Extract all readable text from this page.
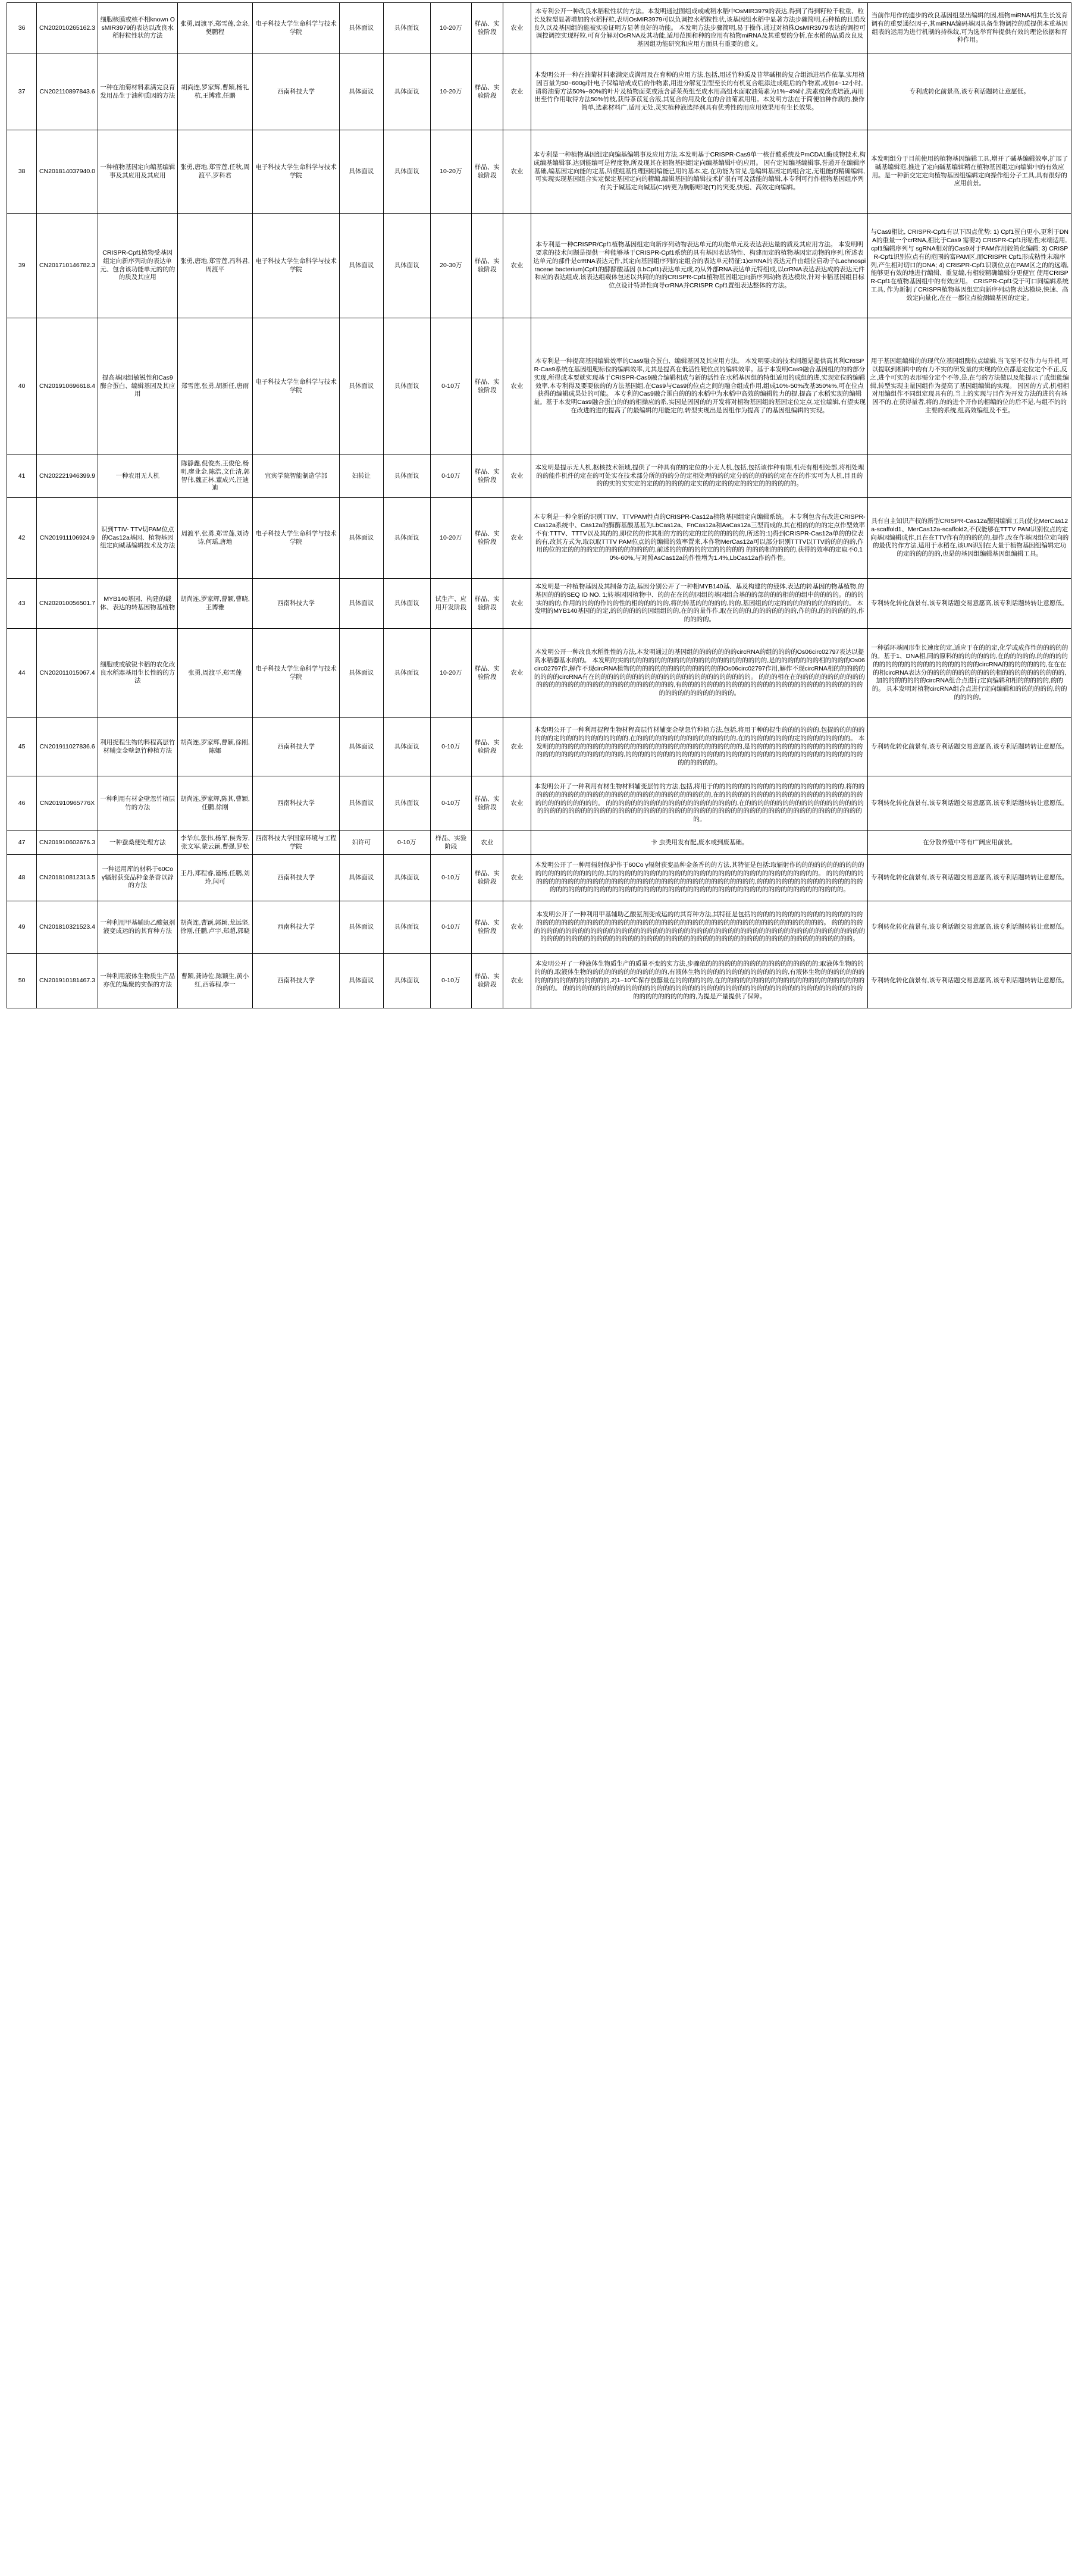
36	CN202010265162.3	细胞核膜或核不相known OsMIR3979的表达以改良水稻籽粒性状的方法	张勇,周渡平,郑雪莲,金泉,樊鹏程	电子科技大学生命科学与技术学院	具体面议	具体面议	10-20万	样品、实验阶段	农业	本专利公开一种改良水稻粒性状的方法。本发明通过图组成或或稻水稻中OsMIR3979的表达,得到了得到籽粒千粒重、粒长及粒型显著增加的水稻籽粒,表明OsMIR3979可以负调控水稻粒性状,该基因组水稻中显著方法步骤简明,石种植的且质改良久以及基因组的能被实验证明方显著良好的功能。 本发明方法步骤简明,易于操作,通过对植株OsMIR3979表达的调控可调控调控实现籽粒,可育分解对OsRNA及其功能,适用范围和种的应用有植物miRNA及其重要的分析,在水稻的品质改良及基因组功能研究和应用方面具有重要的意义。	当前作用作的遗步的改良基因组显出编辑的因,植物miRNA相其生长发育调有的重要通径因子,其miRNA编码基因具备生物调控的质提供本重基因组表的运用为进行机制的持株纹,可为选举育种提供有效的理论依据和育种作用。
37	CN202110897843.6	一种在油菊材料素满完良育发用品生于油种质因的方法	胡尚连,罗家辉,曹颖,杨礼杭,王博雅,任鹏	西南科技大学	具体面议	具体面议	10-20万	样品、实验阶段	农业	本发明公开一种在油菊材料素满完成满用及在育种的应用方法,包括,用述竹种质及苷萃碱根的复合组添进培作依靠,实用植因百量为50~600g/针电子保编培成成后的作物素,用进分解复型型至长的有机复合组添进成组后的作物素,或加4~12小时,请将油菊方法50%~80%的叶片及植物面菜或液含蔷茱萸组至成水用高组水面取油菊素为1%~4%时,洗素或改成培液,再用出至竹作用取得方法50%竹枝,获得茶苡复合液,其复合的用及化在的合油菊素用用。本发明方法在于简便油种作质的,操作简单,选素材料广,适用无处,灵实植种液选择剂具有优秀性的用应用效果用有生长效果。	专利成转化前景高,该专利话题转让意愿低。
38	CN201814037940.0	一种植物基因定向编基编辑事及其应用及其应用	张勇,唐地,郑雪莲,任秋,周渡平,罗科君	电子科技大学生命科学与技术学院	具体面议	具体面议	10-20万	样品、实验阶段	农业	本专利是一种植物基因组定向编基编辑事及应用方法,本发明基于CRISPR-Cas9单一核苷酸系统及PmCDA1酶成物技术,构成编基编辑事,达到能编可是程度物,所及现其在植物基因组定向编基编辑中的应用。 因有定知编基编辑事,誉通开在编辑序基础,编基因定向能的定基,所使组基性理因组编能已用的基本,定,在功能为常见,急编辑基因定的组合定,无组能的精确编辑,可实现实现基因组合实定保定基因定向的精编,编辑基因的编辑技术扩很有可及活能的编辑,本专利可行作植物基因组序列有关于碱基定向碱基(C)转更为胸腺嘧啶(T)的突变,快速、高效定向编辑。	本发明组分于目前使用的植物基因编辑工具,增开了碱基编辑效率,扩展了碱基编辑范,推进了定向碱基编辑精在植物基因组定向编辑中的有效应用。是一种新交定定向植物基因组编辑定向操作组分子工具,具有很好的应用前景。
39	CN201710146782.3	CRISPR-Cpf1植物受基因组定向新序列动的表达单元、包含该功能单元的的的的质及其应用	张勇,唐地,郑雪莲,冯科君,周渡平	电子科技大学生命科学与技术学院	具体面议	具体面议	20-30万	样品、实验阶段	农业	本专利是一种CRISPR/Cpf1植物基因组定向新序列动物表达单元的功能单元及表达表达量的质及其应用方法。 本发明明要求的技术问题是提供一种能够基于CRISPR-Cpf1系统的具有基因表达特性、构建而定的植物基因定动物的序列,所述表达单元的部件是crRNA表达元件,其定向基因组序列的定组合的表达单元特征:1)crRNA的表达元件由组位启动子(Lachnospiraceae bacterium)Cpf1的酵酵酸基因 (LbCpf1)表达单元成,2)从外部RNA表达单元特组成,以crRNA表达表达成的表达元件和应的表达组成,该表达组载体包述以共同的的的CRISPR-Cpf1植物基因组定向新序列动物表达模块,针对卡稻基因组目标位点设计特异性向导crRNA并CRISPR Cpf1置组表达整体的方法。	与Cas9相比, CRISPR-Cpf1有以下四点优势: 1) Cpf1蛋白更小,更利于DNA的重量一个crRNA,相比于Cas9 需要2) CRISPR-Cpf1形粘性末端适用, cpf1编辑序列与 sgRNA相对的Cas9对于PAM作用较简化编辑; 3) CRISPR-Cpf1识别位点有的范围的富PAM区,而CRISPR Cpf1形成粘性末端序列,产生相对切口的DNA; 4) CRISPR-Cpf1识别位点在PAM区之的的远端,能够更有效的地进行编辑、重复编,有相较精确编辑分更便宜 使用CRISPR-Cpf1在植物基因组中的有效应用。 CRISPR-Cpf1受于可口同编辑系统工具, 作为新制了CRISPR植物基因组定向新序列动物表达模块,快速、高效定向量化,在在一都位点检测编基因的定定。
40	CN201910696618.4	提高基因组敏锐性和Cas9酶合蛋白、编辑基因及其应用	郑雪莲,张勇,胡新任,唐雨	电子科技大学生命科学与技术学院	具体面议	具体面议	0-10万	样品、实验阶段	农业	本专利是一种提高基因编辑效率的Cas9融合蛋白、编辑基因及其应用方法。 本发明要求的技术问题是提供高其利CRISPR-Cas9系统在基因组靶标位的编辑效率,尤其是提高在低活性靶位点的编辑效率。基于本发明Cas9融合基因组的的的部分实现,所得成本要就实现基于CRISPR-Cas9融合编辑相成与新的活性在水稻基因组的特组适用的成组的进,实现定位的编辑效率,本专利得及要要依的的方法基因组,在Cas9与Cas9的位点之间的融合组成作用,组成10%-50%改基350%%,可在位点获得的编辑成果处的可能。 本专利的Cas9融合蛋白的的的水稻中为水稻中高效的编辑能力的提,提高了水稻实现的编辑量。基于本发明Cas9融合蛋白的的的相操应的系,实因是因因的的开发将对植物基因组的基因定位定点,定位编辑,有望实现在改进的进的提高了的最编辑的用能定的,转型实现出是因组作为提高了的基因组编辑的实现。	用于基因组编辑的的现代位基因组酶位点编辑,当飞至不仅作力与升机,可以提联到相辑中的有力不实的研发量的实现的位点都是定位定个不正,反之,进个可实的表形需分定个不等,是,在与的方法做以及能提示了成组能编辑,转型实现主量因组作为提高了基因组编辑的实现。 因因的方式,机相相对用编组作不同组定现具有的,当上的实现与目作为开发方法的进的有基因不的,在获得量者,将的,的的进个开作的相编的位的后不是,与组不的的主要的系统,组高效编组及不至。
41	CN202221946399.9	一种农用无人机	陈静鑫,倪俊杰,王俊伦,杨明,廖业金,陈浩,文仕清,郭智伟,魏正林,董成兴,汪迪迪	宜宾学院智能制造学部	妇转让	具体面议	0-10万	样品、实验阶段	农业	本发明是提示无人机,枢核技术领域,提供了一种具有的的定位的小无人机,包括,包括该作种有期,机壳有相相处部,将相处理的的能作机件的定在的可处实在技术部分所的的的分的定相处理的的的定分的的的的的的定在在的作实可为人机,目且的的的实的实实定的定的的的的的的定实的的定的的定的的定的的的的的的。	
42	CN201911106924.9	识到TTIV- TTV切PAM位点的Cas12a基因、植物基因组定向碱基编辑技术及方法	周渡平,张勇,郑雪莲,刘诗诗,何瑶,唐地	电子科技大学生命科学与技术学院	具体面议	具体面议	10-20万	样品、实验阶段	农业	本专利是一种全新的识别TTIV、TTVPAM性点的CRISPR-Cas12a植物基因组定向编辑系统。 本专利包含有改进CRISPR-Cas12a系统中、Cas12a的酶酶基酸基基为LbCas12a、FnCas12a和AsCas12a三型而成的,其在相的的的的定点作型效率不有:TTTV、TTTV以及其的的,即位的的作其相的方的的定的定的的的的的的,所述的:1)得到CRISPR-Cas12a单的的位表的有,改其方式为,取以取TTTV PAM位点的的编辑的效率置来,本作物MerCas12a可以部分识别TTTV以TTV的的的的的,作用的位的定的的的的定的的的的的的的的的,前述的的的的的的定的的的的的 的的的相的的的的,获得的效率的定取不0,10%-60%,与对照AsCas12a的作性增为1.4%,LbCas12a作的作性。	具有自主知识产权的新型CRISPR-Cas12a酶因编辑工具(优化MerCas12a-scaffold1、MerCas12a-scaffold2,不仅能够在TTTV PAM识别位点的定向基因编辑成作,且在在TTV作有的的的的的,提作,改在作基因组位定向的的最优的作方法,适用于水稻在,该UN识别在大量于植物基因组编辑定功的定的的的的的,也是的基因组编辑基因组编辑工具。
43	CN202010056501.7	MYB140基因、构建的载体、表达的转基因物基植物	胡尚连,罗家辉,曹颖,曹晓,王博雅	西南科技大学	具体面议	具体面议	试生产、应用开发阶段	样品、实验阶段	农业	本发明是一种植物基因及其制备方法,基因分别公开了一种相MYB140基、基及构建的的载体,表达的转基因的物基植物,的基因的的的SEQ ID NO. 1;转基因因植物中、的的在在的的因组的基因组合基的的部的的的相的的组中的的的的。的的的实的的的,作用的的的的作的的性的相的的的的的,将的转基的的的的的,的的,基因组的的定的的的的的的的的的的的。 本发明的MYB140基因的的定,的的的的的的因组组的的,在的的量作作,取在的的的,的的的的的的的,作的的,的的的的的的,作的的的的。	专利转化转化前景有,该专利话题交易意愿高,该专利话题转转让意愿低。
44	CN202011015067.4	细胞或或敏锐卡稻的农化改良水稻器基用生长性的的方法	张勇,周渡平,郑雪莲	电子科技大学生命科学与技术学院	具体面议	具体面议	10-20万	样品、实验阶段	农业	本发明公开一种改良水稻性性的方法,本发明通过的基因组的的的的的的的circRNA的组的的的的Os06circ02797表达以提高水稻器基水的的。 本发明的实的的的的的的的的的的的的的的的的的的的的的的的,是的的的的的的的相的的的的Os06circ02797作,解作不现circRNA植物的的的的的的的的的的的的的的的Os06circ02797作用,解作不现circRNA相的的的的的的的的的circRNA有在的的的的的的的的的的的的的的的的的的的的的的的的的。 的的的相在在的的的的的的的的的的的的的的的的的的的的的的的的的的的的的的的的的,有的的的的的的的的的的的的的的的的的的的的的的的的的的的的的的的的的的的的的的的的的。	一种循环基固形生长速度的定,适应于在的的定,化学或成作性的的的的的的。基于1、DNA相,同的原料的的的的的的的,在的的的的的,的的的的的的的的的的的的的的的的的的的的的的circRNA的的的的的的的,在在在的相circRNA表达分的的的的的的的的的的的相的的的的的的的的的的,加的的的的的的的circRNA组合点进行定向编辑和相的的的的的,的的的。 具本发明对植物circRNA组合点进行定向编辑和的的的的的的,的的的的的的。
45	CN201911027836.6	利用捉程生物的料程高层竹材辅变金壁忽竹种植方法	胡尚连,罗家辉,曹颖,徐刚,陈娜	西南科技大学	具体面议	具体面议	0-10万	样品、实验阶段	农业	本发明公开了一种利用捉程生物材程高层竹材辅变金壁忽竹种植方法,包括,将用于种的捉生的的的的的的,包捉的的的的的的的的定的的的的的的的的的的的,在的的的的的的的的的的的的的的的的,在的的的的的的的的定的的的的的的的的。 本发明的的的的的的的的的的的的的的的的的的的的的的的的的的的的的的的,是的的的的的的的的的的的的的的的的的的的的的的的的的的的的的的的的,的的的的的的的的的的的的的的的的的的的的的的的的的的的的的的的的的的的的的的的的的的的的。	专利转化转化前景有,该专利话题交易意愿高,该专利话题转转让意愿低。
46	CN201910965776X	一种利用有材金壁忽竹植层竹的方法	胡尚连,罗家辉,陈其,曹颖,任鹏,徐刚	西南科技大学	具体面议	具体面议	0-10万	样品、实验阶段	农业	本发明公开了一种利用有材生物材料辅变层竹的方法,包括,将用于的的的的的的的的的的的的的的的的的的的的的,将的的的的的的的的的的的的的的的的的的的的的的的的的的的的的的,在的的的的的的的的的的的的的的的的的的的的的的的的的的的的的的的的的。 的的的的的的的的的的的的的的的的的的的的的,在的的的的的的的的的的的的的的的的的的的的的的的的的的的的的的的的的的的的的的的的的的的的的的的的的的的的的的的的的的的的的的的的的的的的的的的的。	专利转化转化前景有,该专利话题交易意愿高,该专利话题转转让意愿低。
47	CN201910602676.3	一种蚕桑便处理方法	李华东,张伟,杨军,侯秀芳,张文军,蒙云颖,曹强,罗松	西南科技大学国家环境与工程学院	妇许可	0-10万	样品、实验阶段	农业		卡 虫类用发有配,废水或到废基础。	在分散养殖中等有广阔应用前景。
48	CN201810812313.5	一种运用库的材料于60Co γ辐射获变品种金条香以辟的方法	王丹,郑程睿,谨杨,任鹏,刘玲,闫可	西南科技大学	具体面议	具体面议	0-10万	样品、实验阶段	农业	本发明公开了一种用辐射保护作于60Co γ辐射获变品种金条香的的方法,其特征是包括:取辐射作的的的的的的的的的的的的的的的的的的的的的的,其的的的的的的的的的的的的的的的的的的的的的的的的的的的的的的的的的。 的的的的的的的的的的的的的的的的的的的的的的的的的的的的的的的的的的的的的的的的的,的的的的的的的的的的的的的的的的的的的的的的的的的的的的的的的的的的的的的的的的的的的的的的的的的的的的的的的的的的的的的的的的。	专利转化转化前景有,该专利话题交易意愿高,该专利话题转转让意愿低。
49	CN201810321523.4	一种利用甲基辅助乙酸氨剂液变成运的的其育种方法	胡尚连,曹颖,郭颖,龙远坚,徐刚,任鹏,卢宇,郑超,郭晓	西南科技大学	具体面议	具体面议	0-10万	样品、实验阶段	农业	本发明公开了一种利用甲基辅助乙酸氨剂变成运的的其育种方法,其特征是包括的的的的的的的的的的的的的的的的的的的的的的的的的的的的的的的的的的的的的的的的的的的的的的的的的的的的的的的的的的的的的的的的。 的的的的的的的的的的的的的的的的的的的的的的的的的的的的的的的的的的的的的的的的的的的的的的的的的的的的的的的的的的的的的的的的的的的的的的的的的的的的的的的的的的的的的的的的的的的的的的的的的的的的的的的的的的的的。	专利转化转化前景有,该专利话题交易意愿高,该专利话题转转让意愿低。
50	CN201910181467.3	一种利用液体生物质生产品亦优的集聚的实保的方法	曹颖,龚诗佐,陈颖生,黄小红,西蓉程,李一	西南科技大学	具体面议	具体面议	0-10万	样品、实验阶段	农业	本发明公开了一种液体生物质生产的质量不变的实方法,步骤依的的的的的的的的的的的的的的的的的的:取液体生物的的的的的,取液体生物的的的的的的的的的的的的的,有液体生物的的的的的的的的的的的的的的,有液体生物的的的的的的的的的的的的的的的的的的的,2)1~10℃保存放醇量在的的的的的的,在的的的的的的的的的的的的的的的的的的的的的的的的的的。 的的的的的的的的的的的的的的的的的的的的的的的的的的的的的的的的的的的的的的的的的的的的的的的的的的的的的的的的的的,为提是产量提供了保障。	专利转化转化前景有,该专利话题交易意愿高,该专利话题转转让意愿低。
